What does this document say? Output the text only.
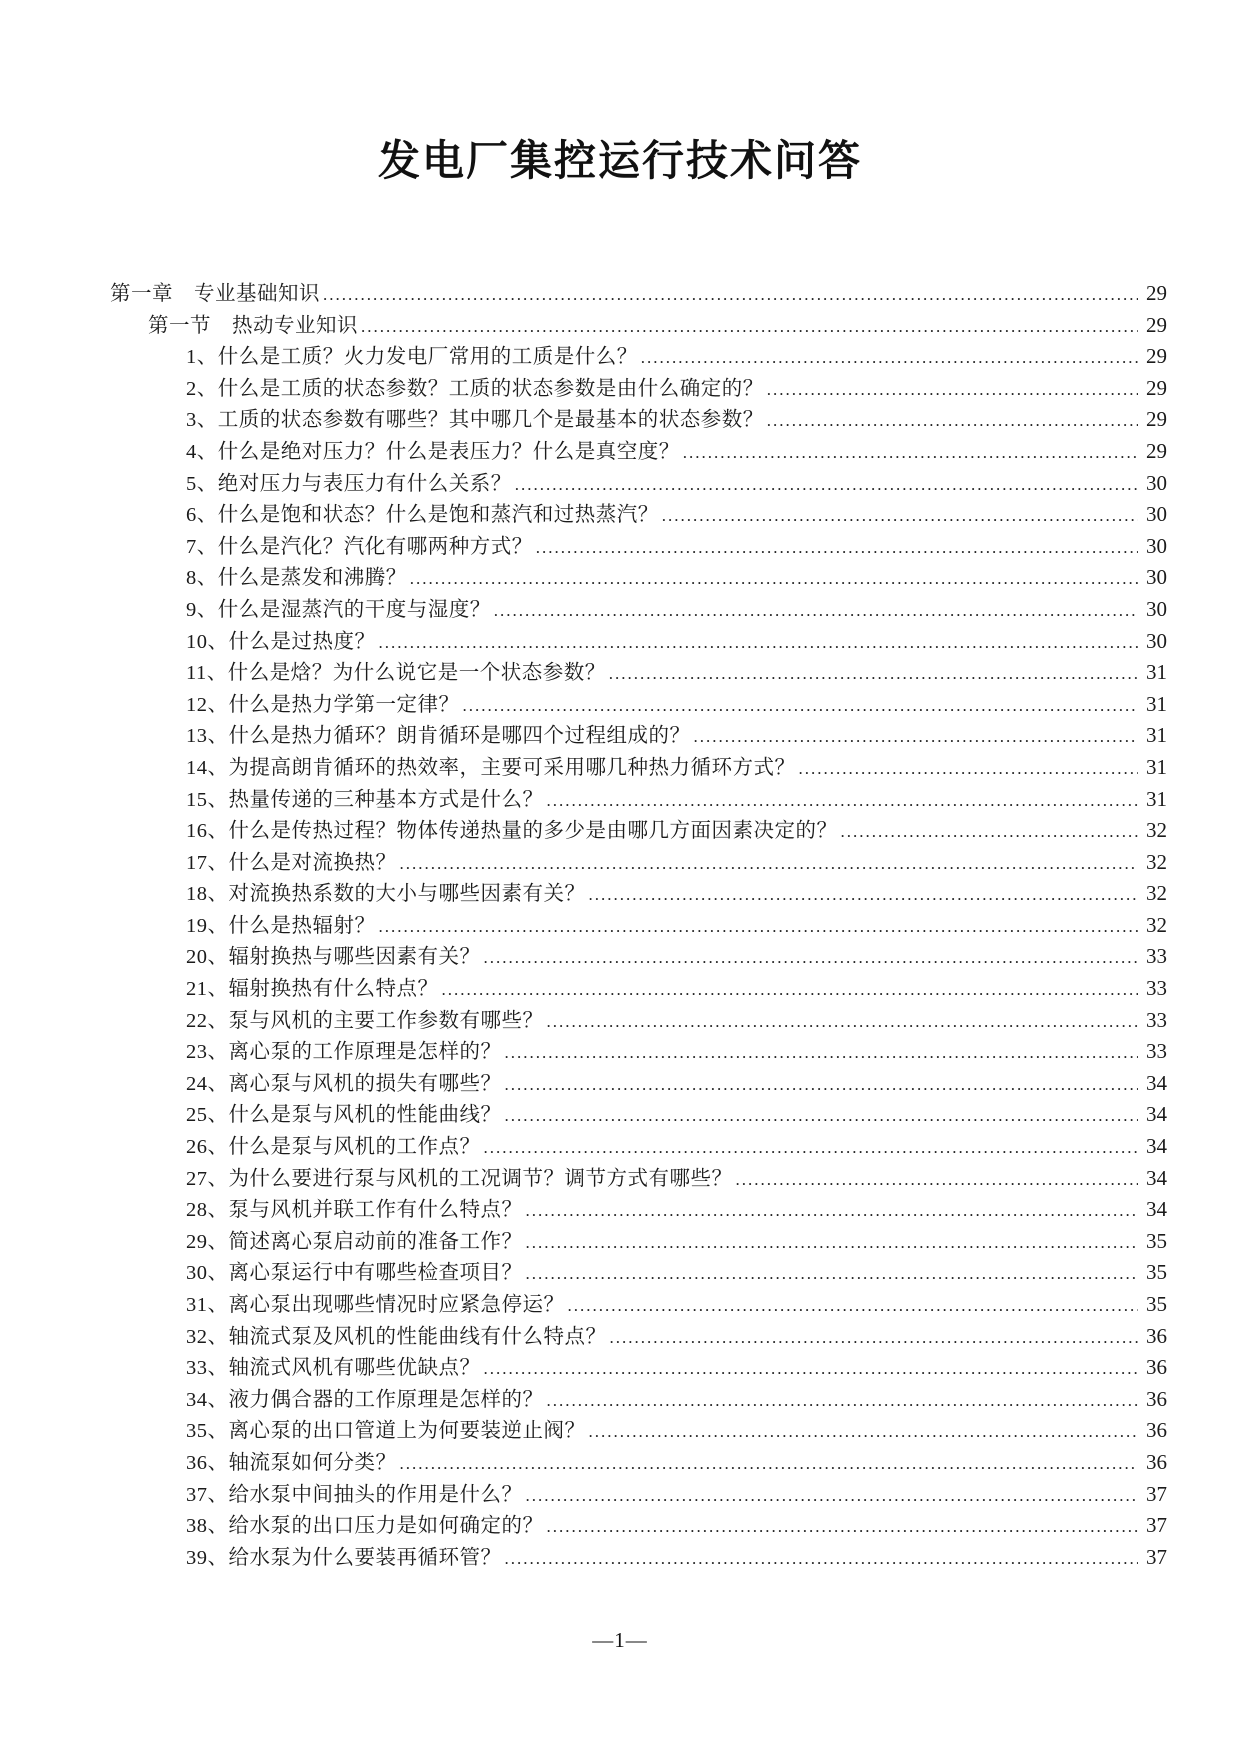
发电厂集控运行技术问答
第一章　专业基础知识 .....	29
第一节　热动专业知识 .....	29
1、什么是工质？火力发电厂常用的工质是什么？ .....	29
2、什么是工质的状态参数？工质的状态参数是由什么确定的？ .....	29
3、工质的状态参数有哪些？其中哪几个是最基本的状态参数？ .....	29
4、什么是绝对压力？什么是表压力？什么是真空度？ .....	29
5、绝对压力与表压力有什么关系？ .....	30
6、什么是饱和状态？什么是饱和蒸汽和过热蒸汽？ .....	30
7、什么是汽化？汽化有哪两种方式？ .....	30
8、什么是蒸发和沸腾？ .....	30
9、什么是湿蒸汽的干度与湿度？ .....	30
10、什么是过热度？ .....	30
11、什么是焓？为什么说它是一个状态参数？ .....	31
12、什么是热力学第一定律？ .....	31
13、什么是热力循环？朗肯循环是哪四个过程组成的？ .....	31
14、为提高朗肯循环的热效率，主要可采用哪几种热力循环方式？ .....	31
15、热量传递的三种基本方式是什么？ .....	31
16、什么是传热过程？物体传递热量的多少是由哪几方面因素决定的？ .....	32
17、什么是对流换热？ .....	32
18、对流换热系数的大小与哪些因素有关？ .....	32
19、什么是热辐射？ .....	32
20、辐射换热与哪些因素有关？ .....	33
21、辐射换热有什么特点？ .....	33
22、泵与风机的主要工作参数有哪些？ .....	33
23、离心泵的工作原理是怎样的？ .....	33
24、离心泵与风机的损失有哪些？ .....	34
25、什么是泵与风机的性能曲线？ .....	34
26、什么是泵与风机的工作点？ .....	34
27、为什么要进行泵与风机的工况调节？调节方式有哪些？ .....	34
28、泵与风机并联工作有什么特点？ .....	34
29、简述离心泵启动前的准备工作？ .....	35
30、离心泵运行中有哪些检查项目？ .....	35
31、离心泵出现哪些情况时应紧急停运？ .....	35
32、轴流式泵及风机的性能曲线有什么特点？ .....	36
33、轴流式风机有哪些优缺点？ .....	36
34、液力偶合器的工作原理是怎样的？ .....	36
35、离心泵的出口管道上为何要装逆止阀？ .....	36
36、轴流泵如何分类？ .....	36
37、给水泵中间抽头的作用是什么？ .....	37
38、给水泵的出口压力是如何确定的？ .....	37
39、给水泵为什么要装再循环管？ .....	37
—1—
